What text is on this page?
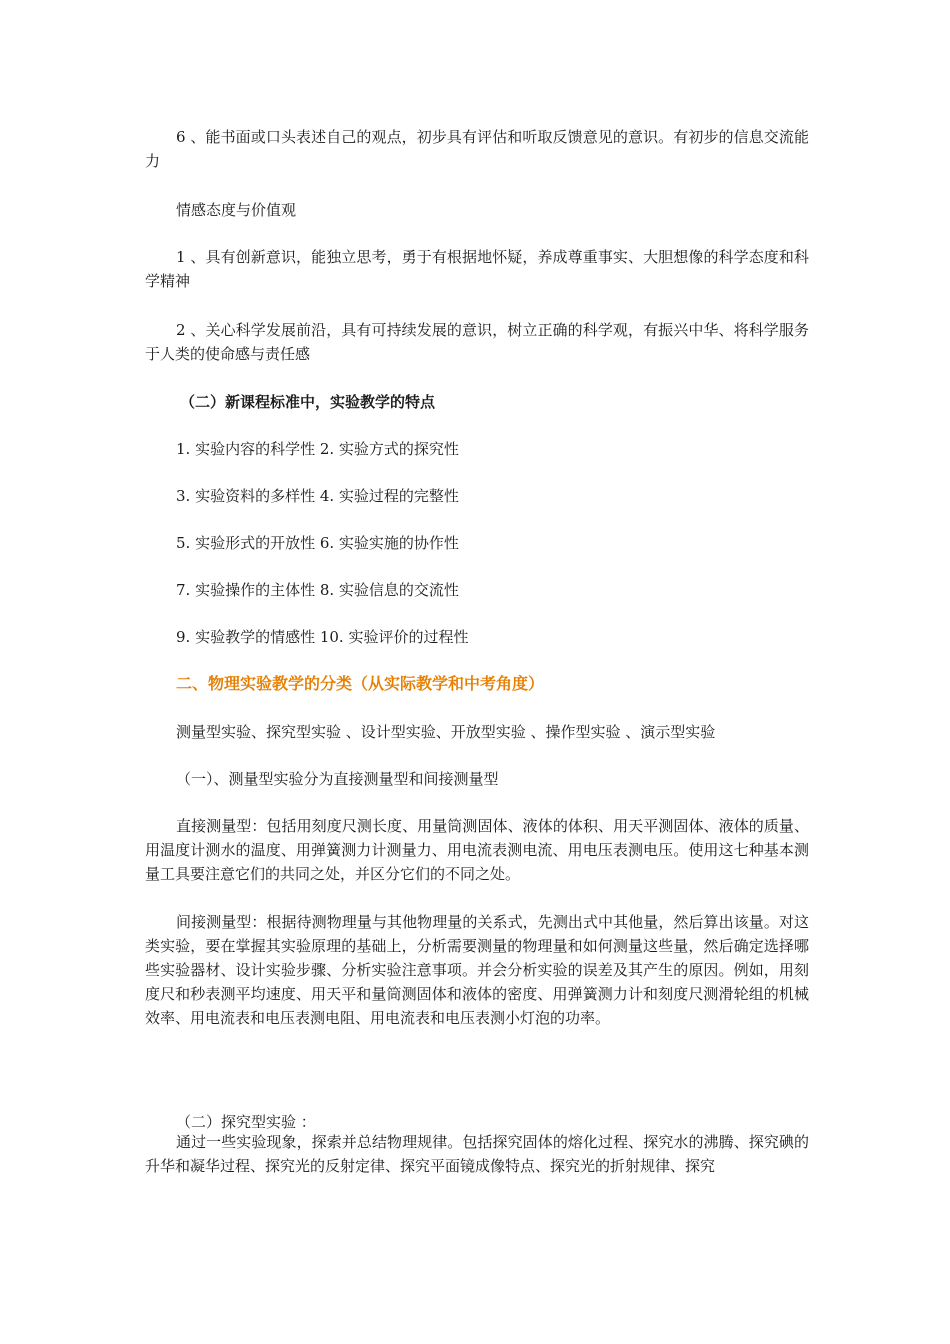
6 、能书面或口头表述自己的观点，初步具有评估和听取反馈意见的意识。有初步的信息交流能力

情感态度与价值观

1 、具有创新意识，能独立思考，勇于有根据地怀疑，养成尊重事实、大胆想像的科学态度和科学精神

2 、关心科学发展前沿，具有可持续发展的意识，树立正确的科学观，有振兴中华、将科学服务于人类的使命感与责任感

（二）新课程标准中，实验教学的特点

1. 实验内容的科学性 2. 实验方式的探究性

3. 实验资料的多样性 4. 实验过程的完整性

5. 实验形式的开放性 6. 实验实施的协作性

7. 实验操作的主体性 8. 实验信息的交流性

9. 实验教学的情感性 10. 实验评价的过程性

二、物理实验教学的分类（从实际教学和中考角度）

测量型实验、探究型实验 、设计型实验、开放型实验 、操作型实验 、演示型实验

（一）、测量型实验分为直接测量型和间接测量型

直接测量型：包括用刻度尺测长度、用量筒测固体、液体的体积、用天平测固体、液体的质量、用温度计测水的温度、用弹簧测力计测量力、用电流表测电流、用电压表测电压。使用这七种基本测量工具要注意它们的共同之处，并区分它们的不同之处。

间接测量型：根据待测物理量与其他物理量的关系式，先测出式中其他量，然后算出该量。对这类实验，要在掌握其实验原理的基础上，分析需要测量的物理量和如何测量这些量，然后确定选择哪些实验器材、设计实验步骤、分析实验注意事项。并会分析实验的误差及其产生的原因。例如，用刻度尺和秒表测平均速度、用天平和量筒测固体和液体的密度、用弹簧测力计和刻度尺测滑轮组的机械效率、用电流表和电压表测电阻、用电流表和电压表测小灯泡的功率。

（二）探究型实验 ：

通过一些实验现象，探索并总结物理规律。包括探究固体的熔化过程、探究水的沸腾、探究碘的升华和凝华过程、探究光的反射定律、探究平面镜成像特点、探究光的折射规律、探究
